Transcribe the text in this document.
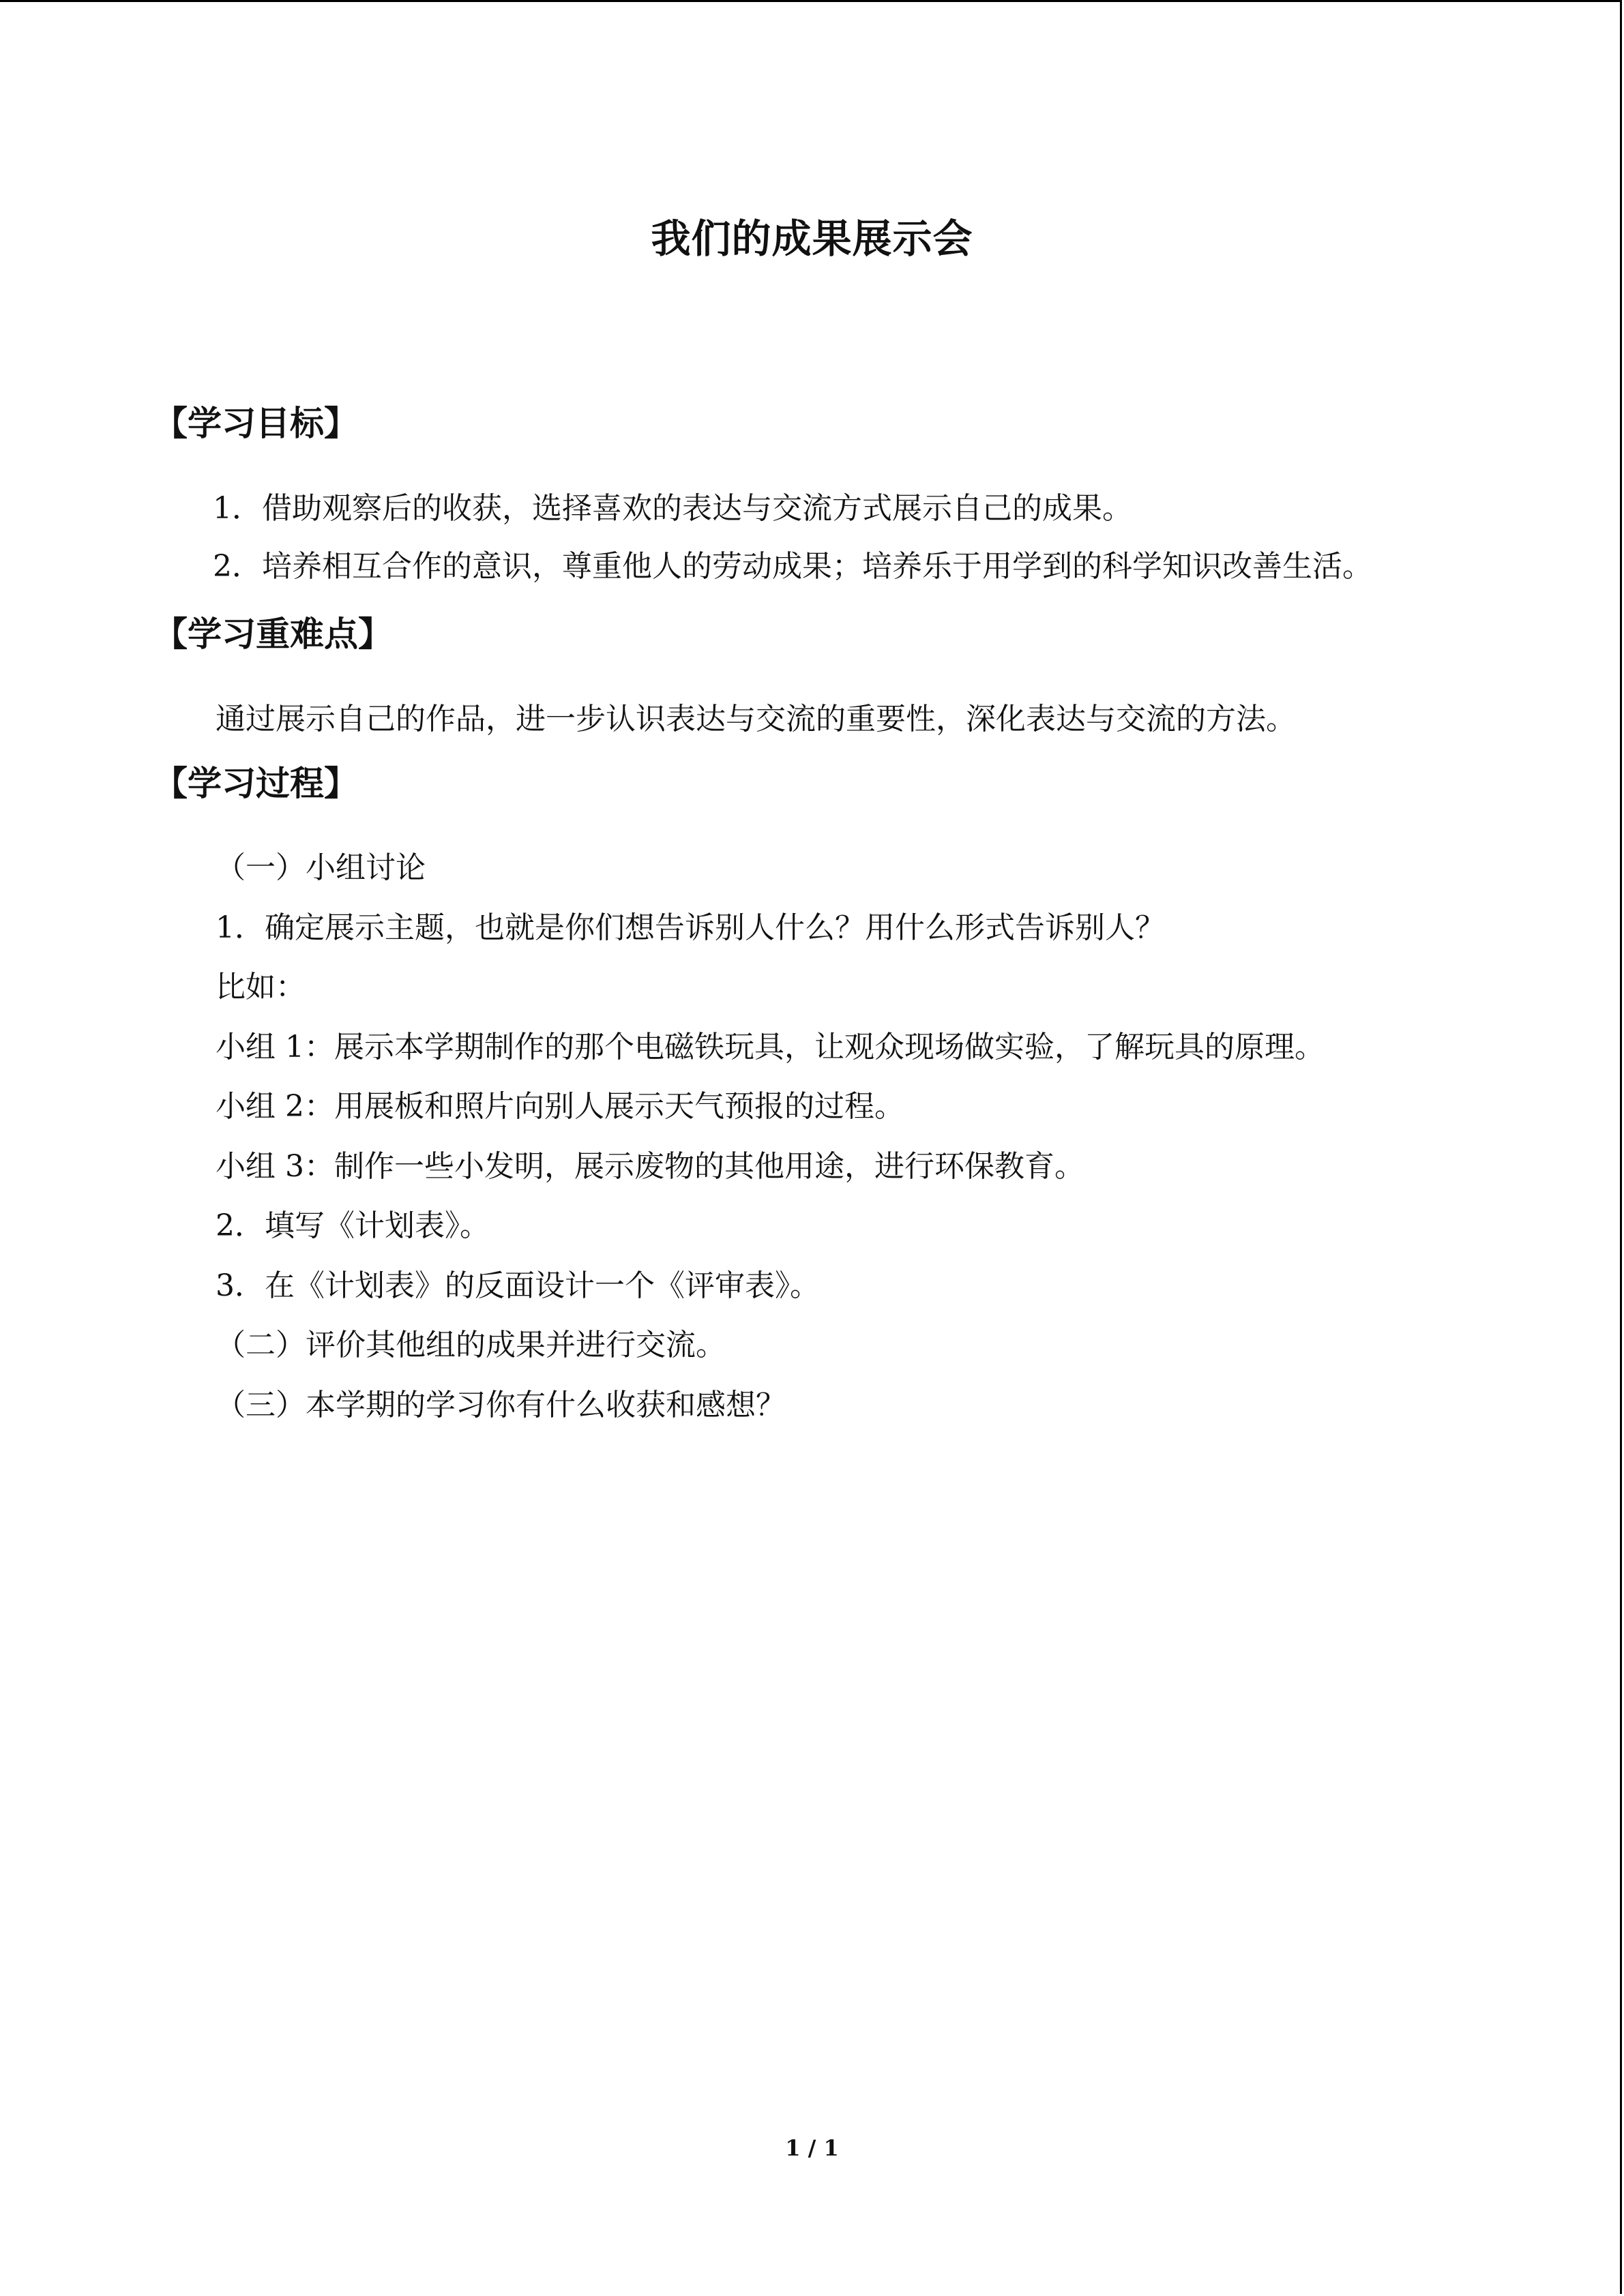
我们的成果展示会
【学习目标】
1．借助观察后的收获，选择喜欢的表达与交流方式展示自己的成果。
2．培养相互合作的意识，尊重他人的劳动成果；培养乐于用学到的科学知识改善生活。
【学习重难点】
通过展示自己的作品，进一步认识表达与交流的重要性，深化表达与交流的方法。
【学习过程】
（一）小组讨论
1．确定展示主题，也就是你们想告诉别人什么？用什么形式告诉别人？
比如：
小组 1：展示本学期制作的那个电磁铁玩具，让观众现场做实验，了解玩具的原理。
小组 2：用展板和照片向别人展示天气预报的过程。
小组 3：制作一些小发明，展示废物的其他用途，进行环保教育。
2．填写《计划表》。
3．在《计划表》的反面设计一个《评审表》。
（二）评价其他组的成果并进行交流。
（三）本学期的学习你有什么收获和感想？
1 / 1
